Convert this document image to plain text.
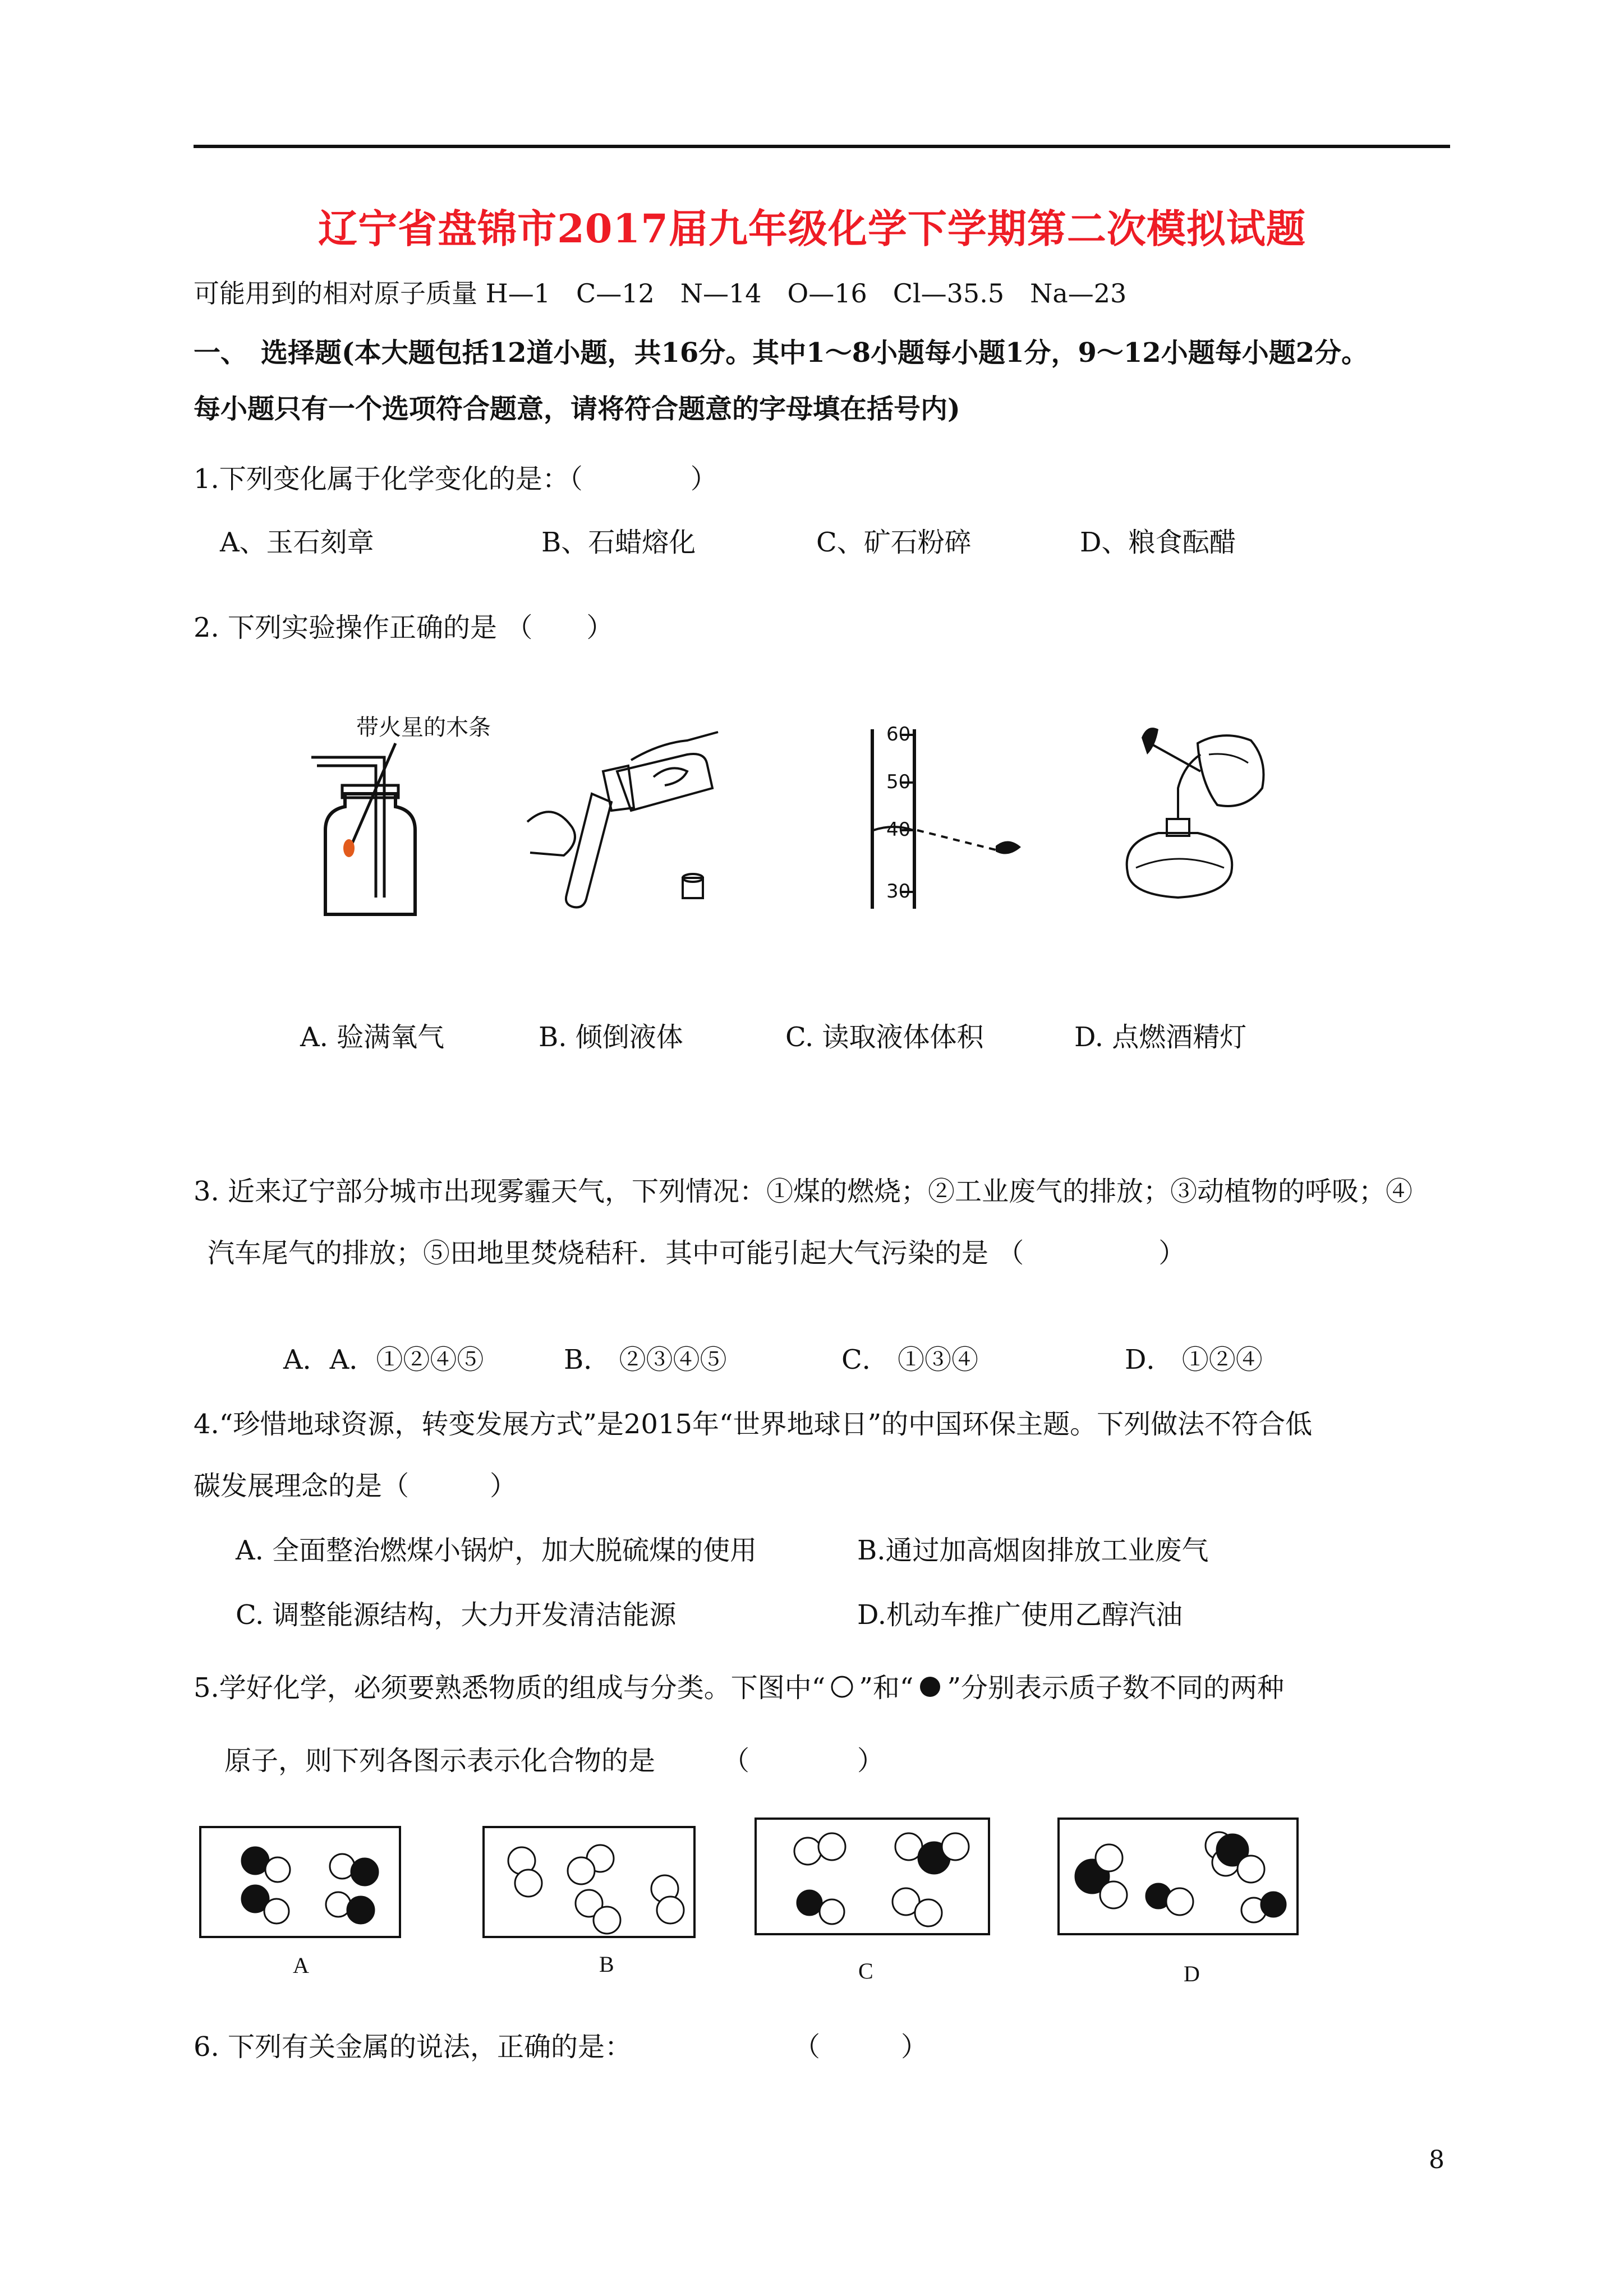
辽宁省盘锦市2017届九年级化学下学期第二次模拟试题
可能用到的相对原子质量 H—1　C—12　N—14　O—16　Cl—35.5　Na—23
一、　选择题(本大题包括12道小题，共16分。其中1～8小题每小题1分，9～12小题每小题2分。
每小题只有一个选项符合题意，请将符合题意的字母填在括号内)
1.下列变化属于化学变化的是：（　　　　）
A、玉石刻章	B、石蜡熔化	C、矿石粉碎	D、粮食酝醋
2. 下列实验操作正确的是 （　　）
带火星的木条	60
50
40
30
A. 验满氧气	B. 倾倒液体	C. 读取液体体积	D. 点燃酒精灯
3. 近来辽宁部分城市出现雾霾天气，下列情况：①煤的燃烧；②工业废气的排放；③动植物的呼吸；④
汽车尾气的排放；⑤田地里焚烧秸秆．其中可能引起大气污染的是 （　　　　　）
A．A．①②④⑤	B． ②③④⑤	C． ①③④	D． ①②④
4.“珍惜地球资源，转变发展方式”是2015年“世界地球日”的中国环保主题。下列做法不符合低
碳发展理念的是（　　　）
A. 全面整治燃煤小锅炉，加大脱硫煤的使用	B.通过加高烟囱排放工业废气
C. 调整能源结构，大力开发清洁能源	D.机动车推广使用乙醇汽油
5.学好化学，必须要熟悉物质的组成与分类。下图中“ ”和“ ”分别表示质子数不同的两种
原子，则下列各图示表示化合物的是　　　（　　　　）
A	B	C	D
6. 下列有关金属的说法，正确的是：　　　　　　　（　　　）
8
